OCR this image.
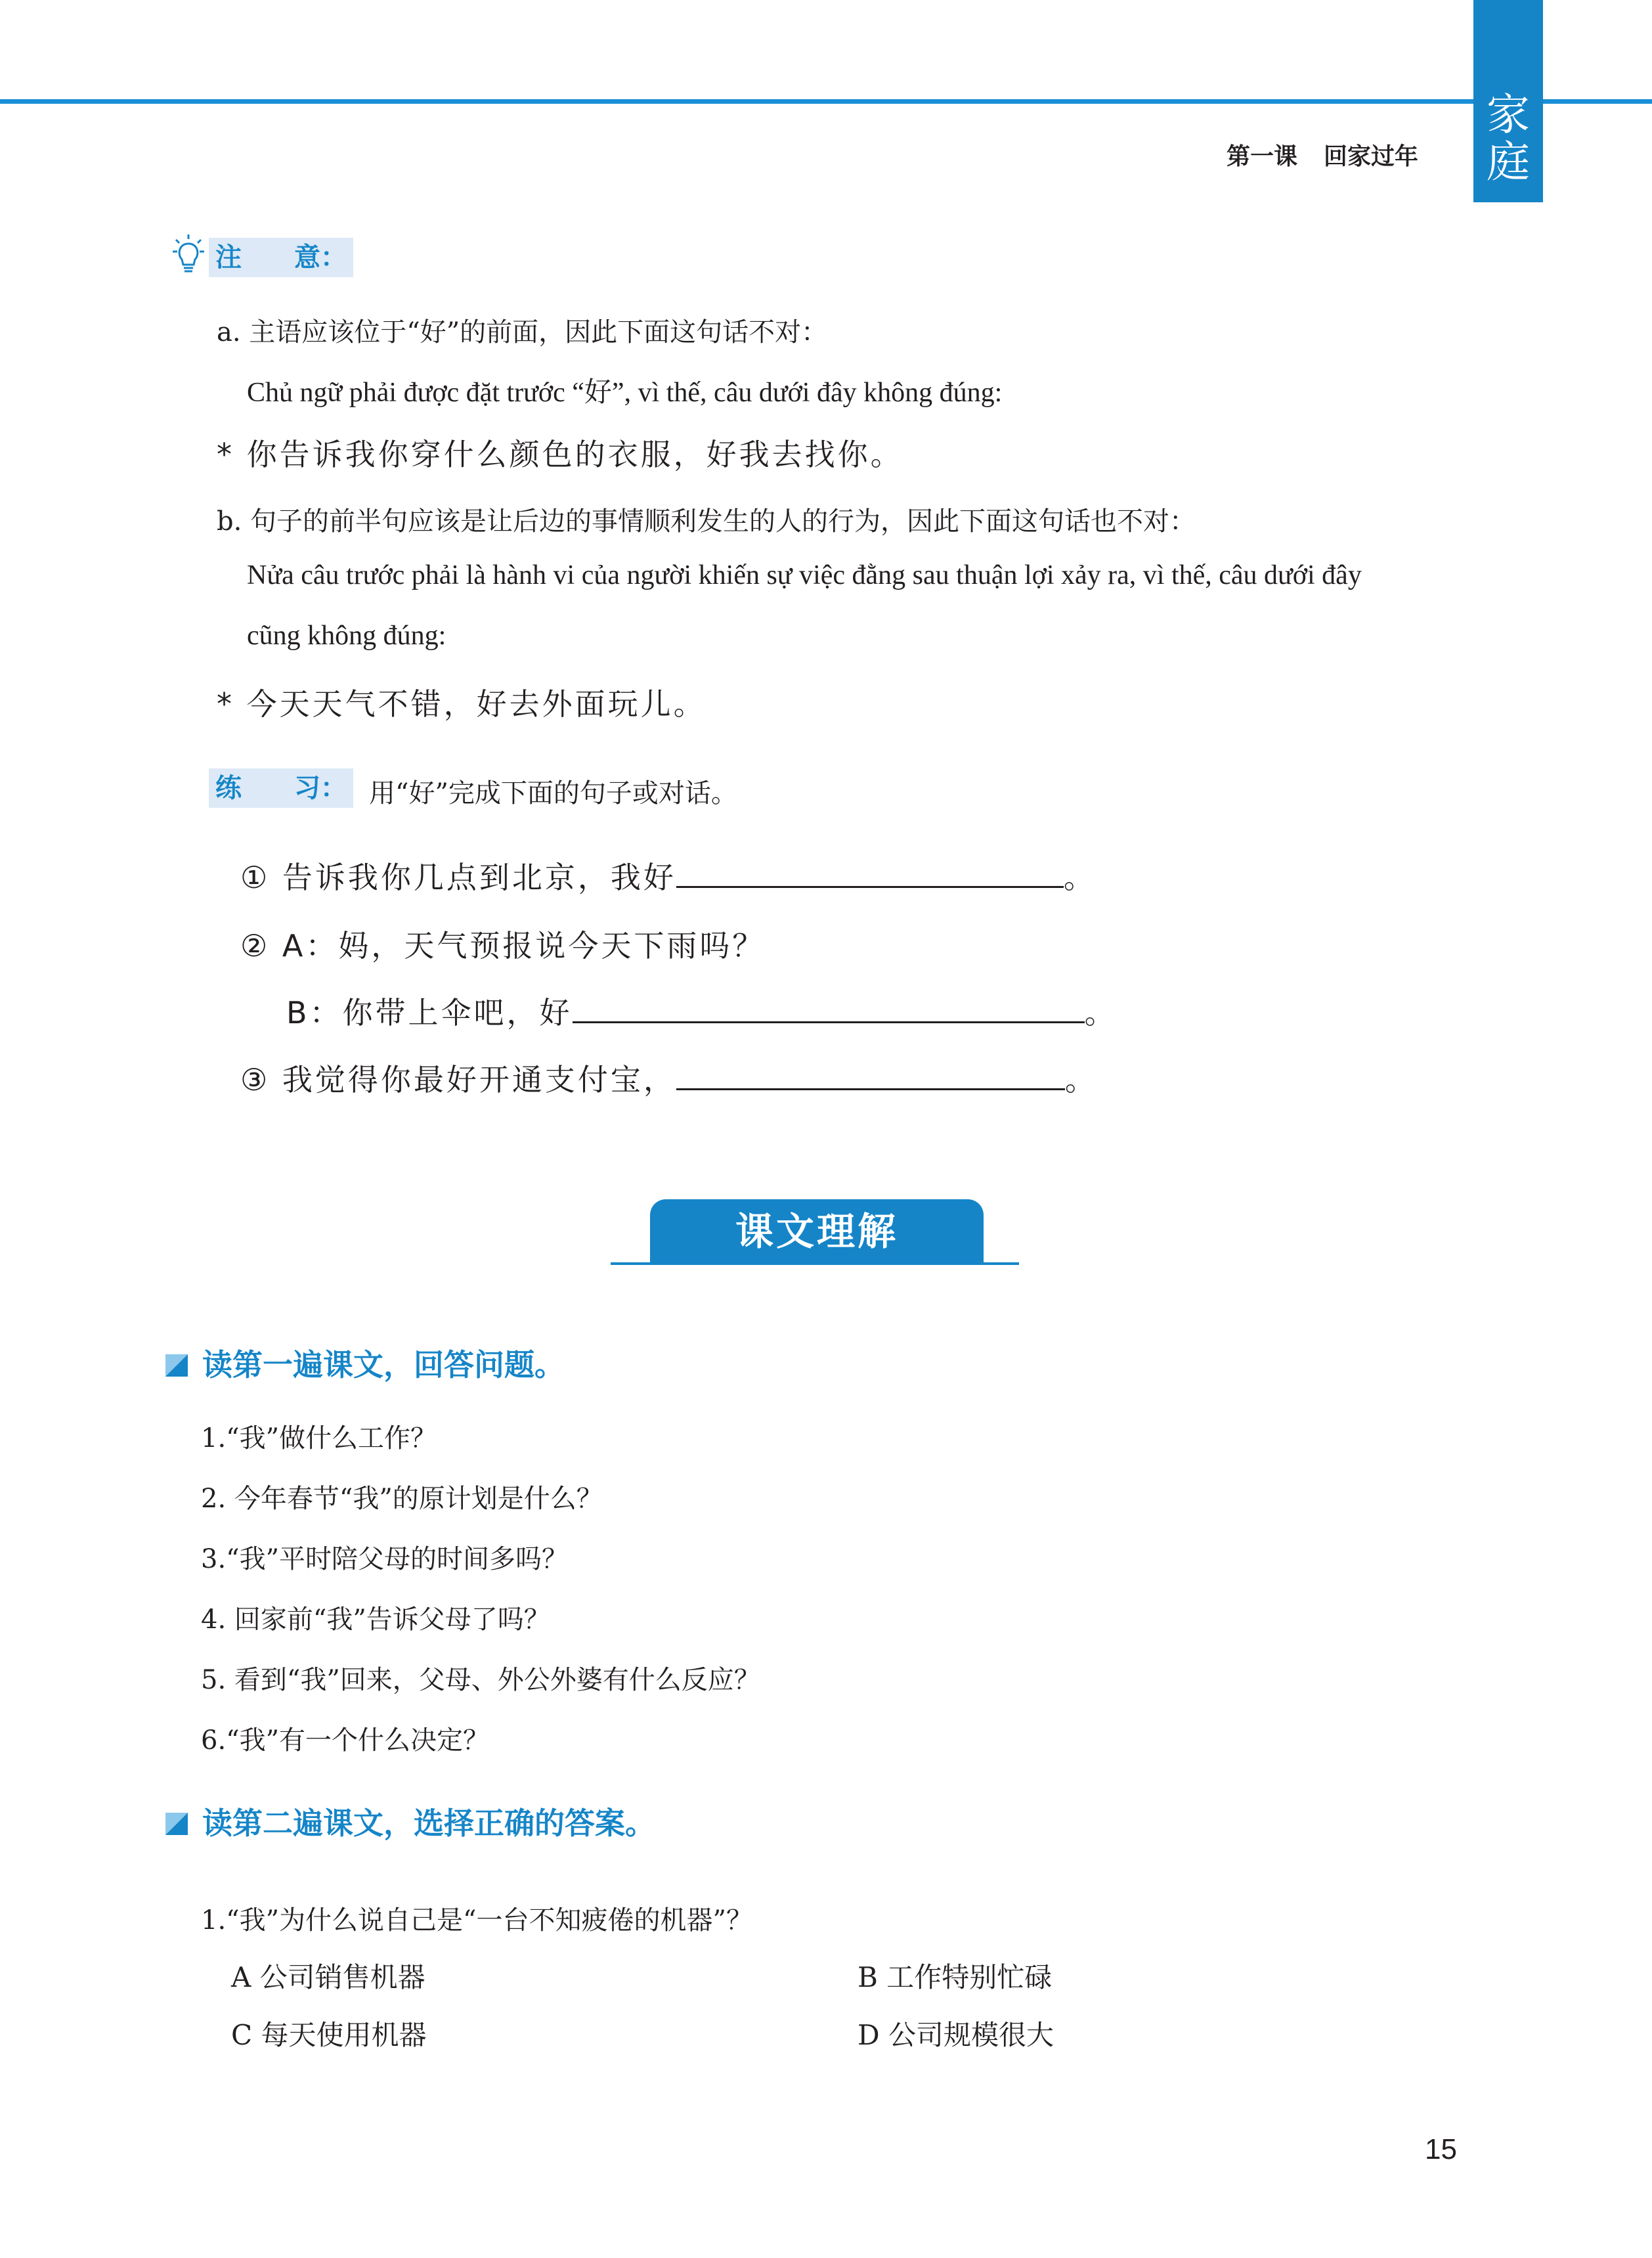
家
庭
第一课 回家过年
注　　意：
a. 主语应该位于“好”的前面，因此下面这句话不对：
Chủ ngữ phải được đặt trước “好”, vì thế, câu dưới đây không đúng:
* 你告诉我你穿什么颜色的衣服，好我去找你。
b. 句子的前半句应该是让后边的事情顺利发生的人的行为，因此下面这句话也不对：
Nửa câu trước phải là hành vi của người khiến sự việc đằng sau thuận lợi xảy ra, vì thế, câu dưới đây
cũng không đúng:
* 今天天气不错，好去外面玩儿。
练　　习： 用“好”完成下面的句子或对话。
① 告诉我你几点到北京，我好	。
② A：妈，天气预报说今天下雨吗？
B：你带上伞吧，好	。
③ 我觉得你最好开通支付宝，	。
课文理解
读第一遍课文，回答问题。
1.“我”做什么工作？
2. 今年春节“我”的原计划是什么？
3.“我”平时陪父母的时间多吗？
4. 回家前“我”告诉父母了吗？
5. 看到“我”回来，父母、外公外婆有什么反应？
6.“我”有一个什么决定？
读第二遍课文，选择正确的答案。
1.“我”为什么说自己是“一台不知疲倦的机器”？
A 公司销售机器	B 工作特别忙碌
C 每天使用机器	D 公司规模很大
15
